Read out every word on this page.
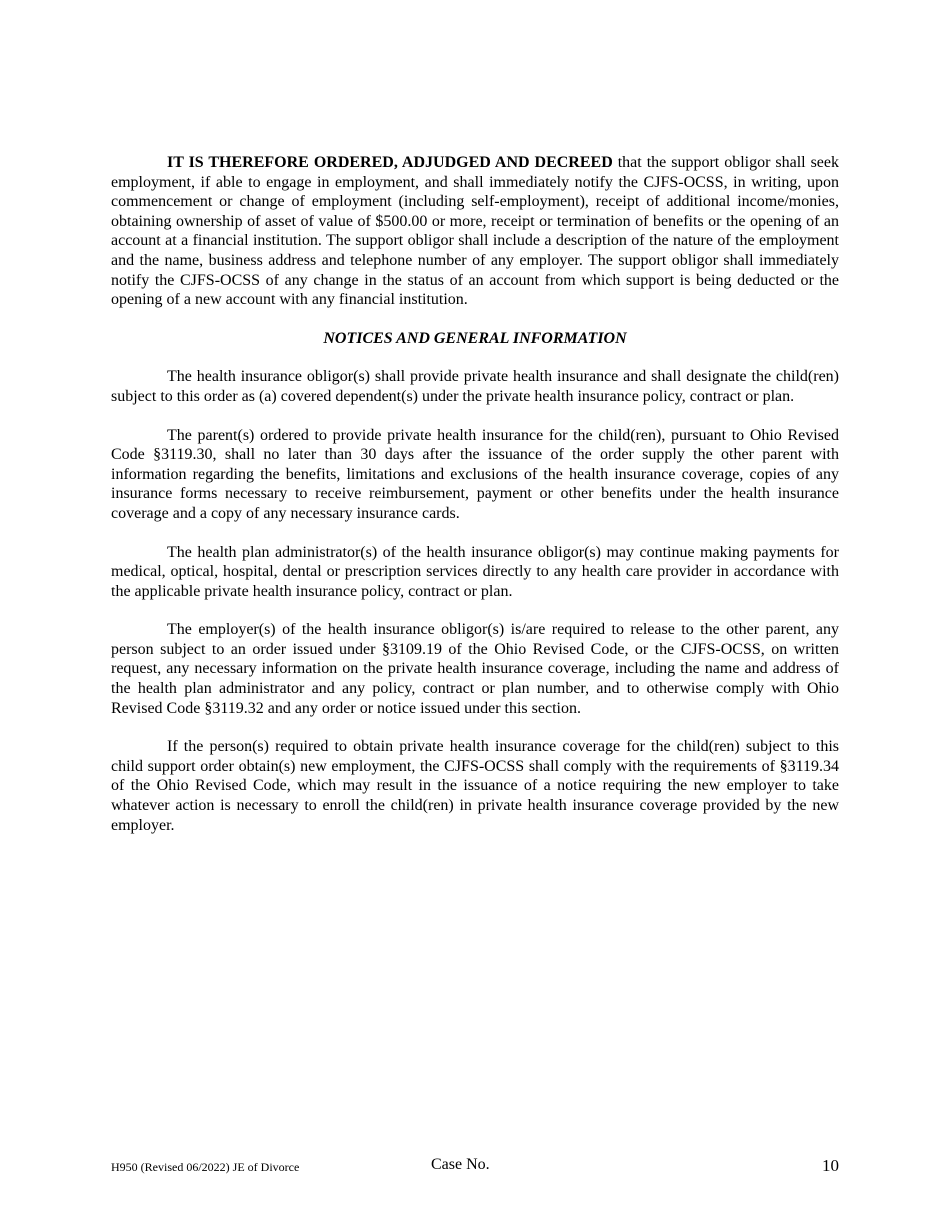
IT IS THEREFORE ORDERED, ADJUDGED AND DECREED that the support obligor shall seek employment, if able to engage in employment, and shall immediately notify the CJFS-OCSS, in writing, upon commencement or change of employment (including self-employment), receipt of additional income/monies, obtaining ownership of asset of value of $500.00 or more, receipt or termination of benefits or the opening of an account at a financial institution. The support obligor shall include a description of the nature of the employment and the name, business address and telephone number of any employer. The support obligor shall immediately notify the CJFS-OCSS of any change in the status of an account from which support is being deducted or the opening of a new account with any financial institution.

NOTICES AND GENERAL INFORMATION

The health insurance obligor(s) shall provide private health insurance and shall designate the child(ren) subject to this order as (a) covered dependent(s) under the private health insurance policy, contract or plan.

The parent(s) ordered to provide private health insurance for the child(ren), pursuant to Ohio Revised Code §3119.30, shall no later than 30 days after the issuance of the order supply the other parent with information regarding the benefits, limitations and exclusions of the health insurance coverage, copies of any insurance forms necessary to receive reimbursement, payment or other benefits under the health insurance coverage and a copy of any necessary insurance cards.

The health plan administrator(s) of the health insurance obligor(s) may continue making payments for medical, optical, hospital, dental or prescription services directly to any health care provider in accordance with the applicable private health insurance policy, contract or plan.

The employer(s) of the health insurance obligor(s) is/are required to release to the other parent, any person subject to an order issued under §3109.19 of the Ohio Revised Code, or the CJFS-OCSS, on written request, any necessary information on the private health insurance coverage, including the name and address of the health plan administrator and any policy, contract or plan number, and to otherwise comply with Ohio Revised Code §3119.32 and any order or notice issued under this section.

If the person(s) required to obtain private health insurance coverage for the child(ren) subject to this child support order obtain(s) new employment, the CJFS-OCSS shall comply with the requirements of §3119.34 of the Ohio Revised Code, which may result in the issuance of a notice requiring the new employer to take whatever action is necessary to enroll the child(ren) in private health insurance coverage provided by the new employer.

H950 (Revised 06/2022) JE of Divorce	Case No.	10
